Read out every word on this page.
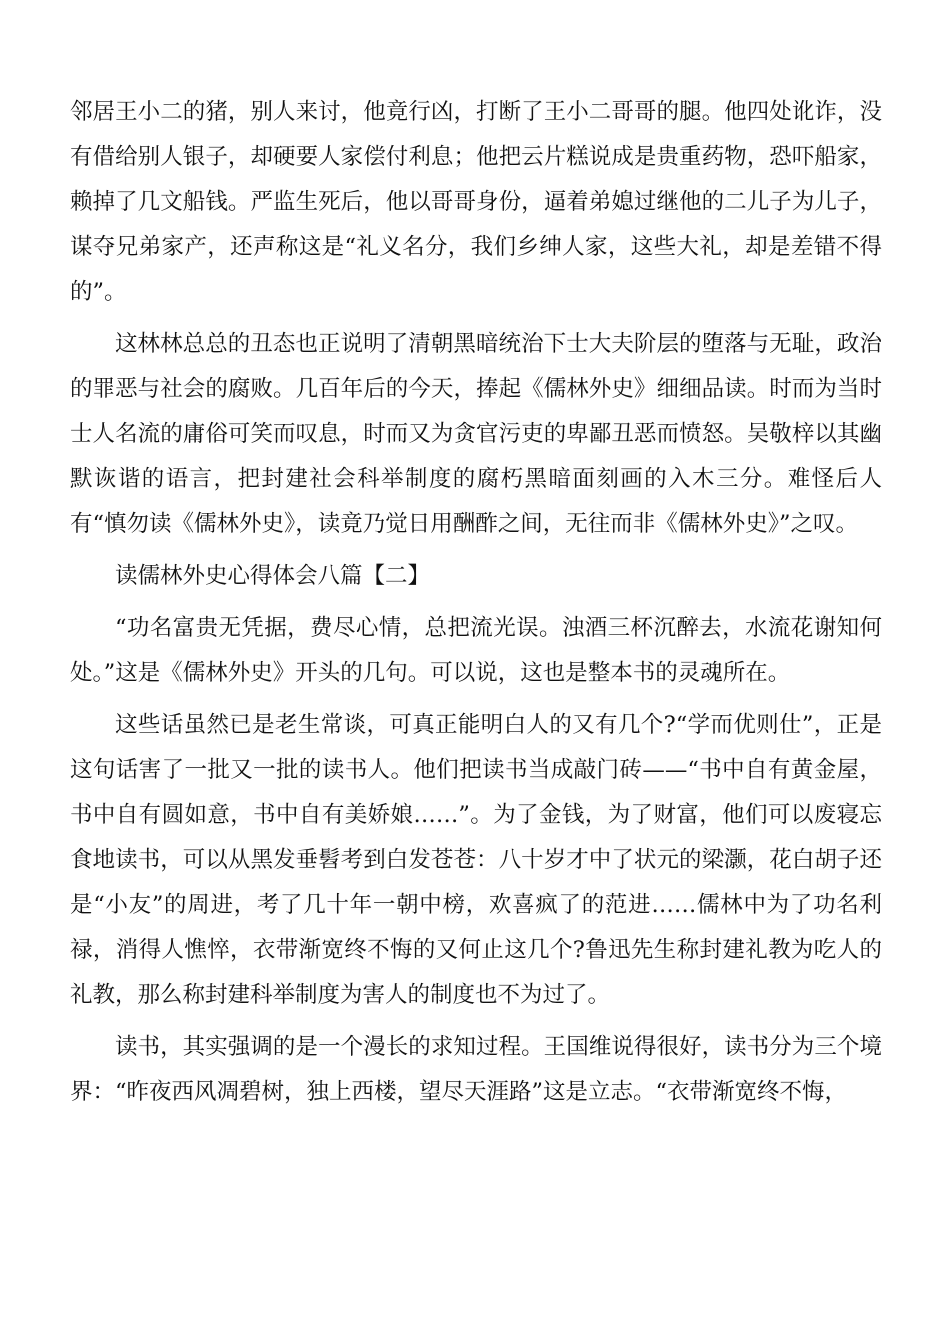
邻居王小二的猪，别人来讨，他竟行凶，打断了王小二哥哥的腿。他四处讹诈，没有借给别人银子，却硬要人家偿付利息；他把云片糕说成是贵重药物，恐吓船家，赖掉了几文船钱。严监生死后，他以哥哥身份，逼着弟媳过继他的二儿子为儿子，谋夺兄弟家产，还声称这是“礼义名分，我们乡绅人家，这些大礼，却是差错不得的”。

这林林总总的丑态也正说明了清朝黑暗统治下士大夫阶层的堕落与无耻，政治的罪恶与社会的腐败。几百年后的今天，捧起《儒林外史》细细品读。时而为当时士人名流的庸俗可笑而叹息，时而又为贪官污吏的卑鄙丑恶而愤怒。吴敬梓以其幽默诙谐的语言，把封建社会科举制度的腐朽黑暗面刻画的入木三分。难怪后人有“慎勿读《儒林外史》，读竟乃觉日用酬酢之间，无往而非《儒林外史》”之叹。

读儒林外史心得体会八篇【二】

“功名富贵无凭据，费尽心情，总把流光误。浊酒三杯沉醉去，水流花谢知何处。”这是《儒林外史》开头的几句。可以说，这也是整本书的灵魂所在。

这些话虽然已是老生常谈，可真正能明白人的又有几个?“学而优则仕”，正是这句话害了一批又一批的读书人。他们把读书当成敲门砖——“书中自有黄金屋，书中自有圆如意，书中自有美娇娘……”。为了金钱，为了财富，他们可以废寝忘食地读书，可以从黑发垂髫考到白发苍苍：八十岁才中了状元的梁灏，花白胡子还是“小友”的周进，考了几十年一朝中榜，欢喜疯了的范进……儒林中为了功名利禄，消得人憔悴，衣带渐宽终不悔的又何止这几个?鲁迅先生称封建礼教为吃人的礼教，那么称封建科举制度为害人的制度也不为过了。

读书，其实强调的是一个漫长的求知过程。王国维说得很好，读书分为三个境界：“昨夜西风凋碧树，独上西楼，望尽天涯路”这是立志。“衣带渐宽终不悔，
